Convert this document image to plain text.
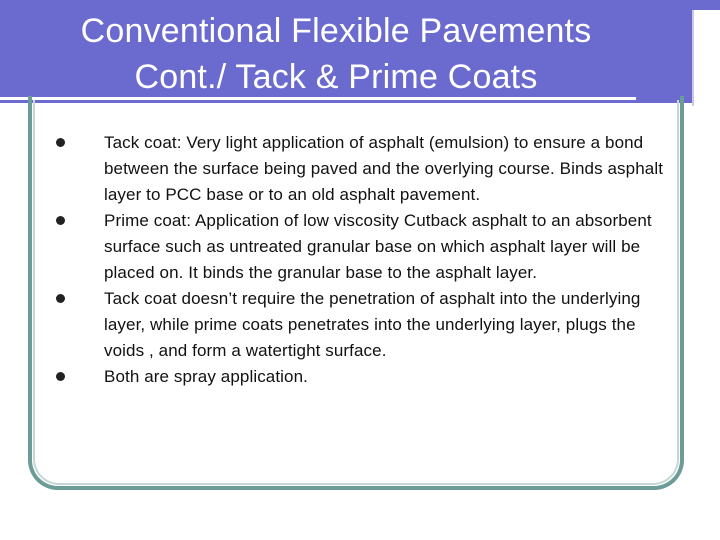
Conventional Flexible Pavements
Cont./ Tack & Prime Coats
Tack coat: Very light application of asphalt (emulsion) to ensure a bond between the surface being paved and the overlying course. Binds asphalt layer to PCC base or to an old asphalt pavement.
Prime coat: Application of low viscosity Cutback asphalt to an absorbent surface such as untreated granular base on which asphalt layer will be placed on. It binds the granular base to the asphalt layer.
Tack coat doesn’t require the penetration of asphalt into the underlying layer, while prime coats penetrates into the underlying layer, plugs the voids , and form a watertight surface.
Both are spray application.
